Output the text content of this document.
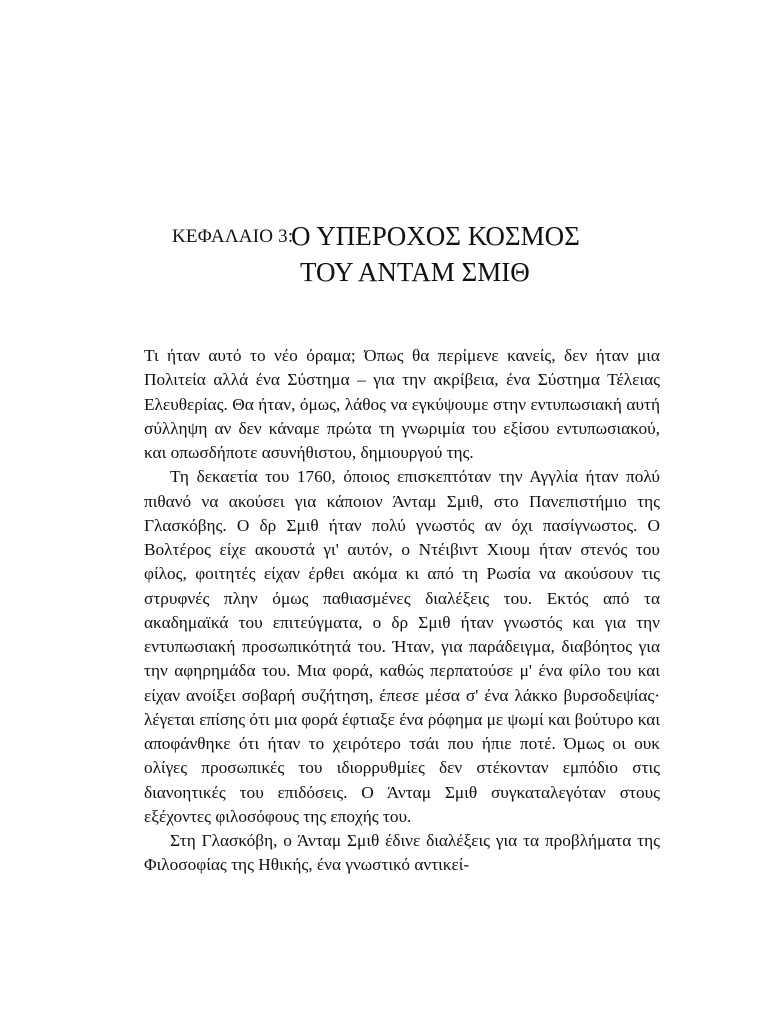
ΚΕΦΑΛΑΙΟ 3:
Ο ΥΠΕΡΟΧΟΣ ΚΟΣΜΟΣ
ΤΟΥ ΑΝΤΑΜ ΣΜΙΘ

Τι ήταν αυτό το νέο όραμα; Όπως θα περίμενε κανείς, δεν ήταν μια Πολιτεία αλλά ένα Σύστημα – για την ακρίβεια, ένα Σύστημα Τέλειας Ελευθερίας. Θα ήταν, όμως, λάθος να εγκύψουμε στην εντυπωσιακή αυτή σύλληψη αν δεν κάναμε πρώτα τη γνωριμία του εξίσου εντυπωσιακού, και οπωσδήποτε ασυνήθιστου, δημιουργού της.

Τη δεκαετία του 1760, όποιος επισκεπτόταν την Αγγλία ήταν πολύ πιθανό να ακούσει για κάποιον Άνταμ Σμιθ, στο Πανεπιστήμιο της Γλασκόβης. Ο δρ Σμιθ ήταν πολύ γνωστός αν όχι πασίγνωστος. Ο Βολτέρος είχε ακουστά γι' αυτόν, ο Ντέιβιντ Χιουμ ήταν στενός του φίλος, φοιτητές είχαν έρθει ακόμα κι από τη Ρωσία να ακούσουν τις στρυφνές πλην όμως παθιασμένες διαλέξεις του. Εκτός από τα ακαδημαϊκά του επιτεύγματα, ο δρ Σμιθ ήταν γνωστός και για την εντυπωσιακή προσωπικότητά του. Ήταν, για παράδειγμα, διαβόητος για την αφηρημάδα του. Μια φορά, καθώς περπατούσε μ' ένα φίλο του και είχαν ανοίξει σοβαρή συζήτηση, έπεσε μέσα σ' ένα λάκκο βυρσοδεψίας· λέγεται επίσης ότι μια φορά έφτιαξε ένα ρόφημα με ψωμί και βούτυρο και αποφάνθηκε ότι ήταν το χειρότερο τσάι που ήπιε ποτέ. Όμως οι ουκ ολίγες προσωπικές του ιδιορρυθμίες δεν στέκονταν εμπόδιο στις διανοητικές του επιδόσεις. Ο Άνταμ Σμιθ συγκαταλεγόταν στους εξέχοντες φιλοσόφους της εποχής του.

Στη Γλασκόβη, ο Άνταμ Σμιθ έδινε διαλέξεις για τα προβλήματα της Φιλοσοφίας της Ηθικής, ένα γνωστικό αντικεί-
